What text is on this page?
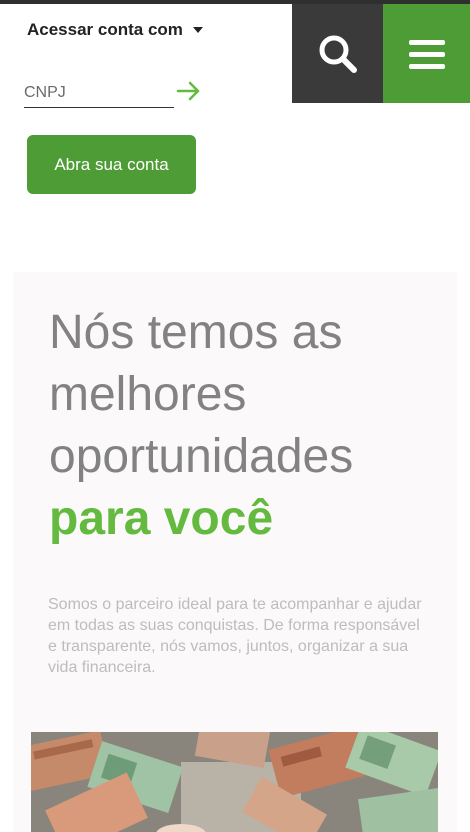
Acessar conta com
CNPJ
Abra sua conta
Nós temos as
melhores
oportunidades
para você

Somos o parceiro ideal para te acompanhar e ajudar em todas as suas conquistas. De forma responsável e transparente, nós vamos, juntos, organizar a sua vida financeira.
